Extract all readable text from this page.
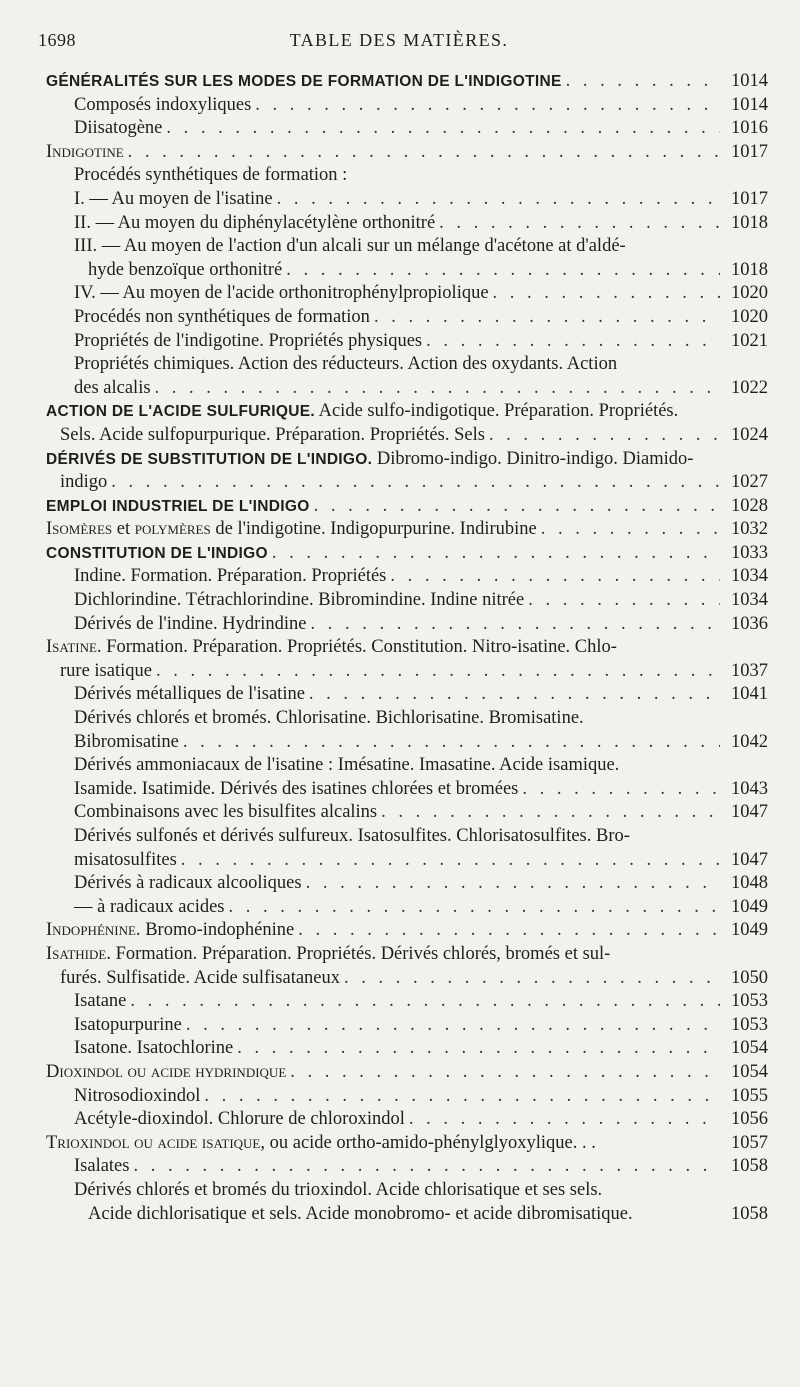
1698	TABLE DES MATIÈRES.
GÉNÉRALITÉS SUR LES MODES DE FORMATION DE L'INDIGOTINE . . .	1014
Composés indoxyliques . . .	1014
Diisatogène . . .	1016
Indigotine . . .	1017
Procédés synthétiques de formation :
I. — Au moyen de l'isatine . . .	1017
II. — Au moyen du diphénylacétylène orthonitré . . .	1018
III. — Au moyen de l'action d'un alcali sur un mélange d'acétone at d'aldé-
hyde benzoïque orthonitré . . .	1018
IV. — Au moyen de l'acide orthonitrophénylpropiolique . . .	1020
Procédés non synthétiques de formation . . .	1020
Propriétés de l'indigotine. Propriétés physiques . . .	1021
Propriétés chimiques. Action des réducteurs. Action des oxydants. Action
des alcalis . . .	1022
ACTION DE L'ACIDE SULFURIQUE. Acide sulfo-indigotique. Préparation. Propriétés.
Sels. Acide sulfopurpurique. Préparation. Propriétés. Sels . . .	1024
DÉRIVÉS DE SUBSTITUTION DE L'INDIGO. Dibromo-indigo. Dinitro-indigo. Diamido-
indigo . . .	1027
EMPLOI INDUSTRIEL DE L'INDIGO . . .	1028
Isomères et polymères de l'indigotine. Indigopurpurine. Indirubine . . .	1032
CONSTITUTION DE L'INDIGO . . .	1033
Indine. Formation. Préparation. Propriétés . . .	1034
Dichlorindine. Tétrachlorindine. Bibromindine. Indine nitrée . . .	1034
Dérivés de l'indine. Hydrindine . . .	1036
Isatine. Formation. Préparation. Propriétés. Constitution. Nitro-isatine. Chlo-
rure isatique . . .	1037
Dérivés métalliques de l'isatine . . .	1041
Dérivés chlorés et bromés. Chlorisatine. Bichlorisatine. Bromisatine.
Bibromisatine . . .	1042
Dérivés ammoniacaux de l'isatine : Imésatine. Imasatine. Acide isamique.
Isamide. Isatimide. Dérivés des isatines chlorées et bromées . . .	1043
Combinaisons avec les bisulfites alcalins . . .	1047
Dérivés sulfonés et dérivés sulfureux. Isatosulfites. Chlorisatosulfites. Bro-
misatosulfites . . .	1047
Dérivés à radicaux alcooliques . . .	1048
— à radicaux acides . . .	1049
Indophénine. Bromo-indophénine . . .	1049
Isathide. Formation. Préparation. Propriétés. Dérivés chlorés, bromés et sul-
furés. Sulfisatide. Acide sulfisataneux . . .	1050
Isatane . . .	1053
Isatopurpurine . . .	1053
Isatone. Isatochlorine . . .	1054
Dioxindol ou acide hydrindique . . .	1054
Nitrosodioxindol . . .	1055
Acétyle-dioxindol. Chlorure de chloroxindol . . .	1056
Trioxindol ou acide isatique, ou acide ortho-amido-phénylglyoxylique. . .	1057
Isalates . . .	1058
Dérivés chlorés et bromés du trioxindol. Acide chlorisatique et ses sels.
Acide dichlorisatique et sels. Acide monobromo- et acide dibromisatique.	1058
